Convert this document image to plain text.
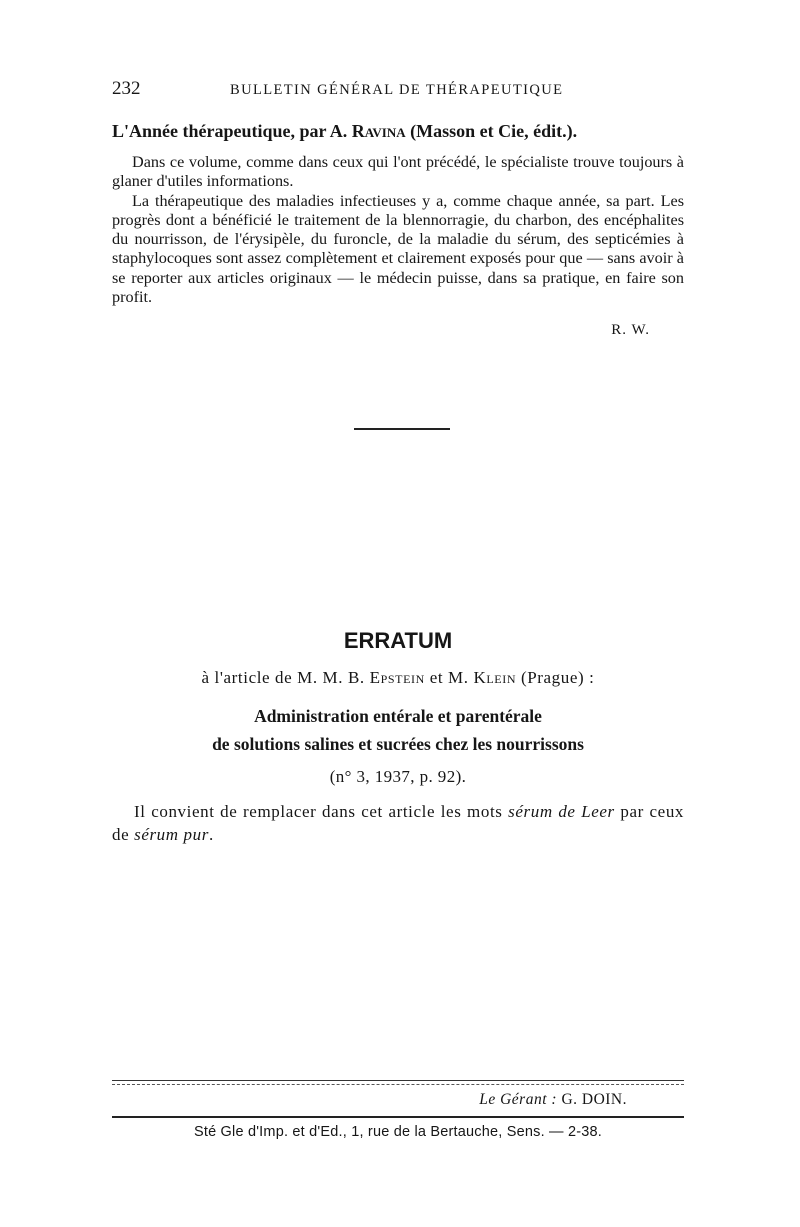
232	BULLETIN GÉNÉRAL DE THÉRAPEUTIQUE
L'Année thérapeutique, par A. Ravina (Masson et Cie, édit.).

Dans ce volume, comme dans ceux qui l'ont précédé, le spécialiste trouve toujours à glaner d'utiles informations.

La thérapeutique des maladies infectieuses y a, comme chaque année, sa part. Les progrès dont a bénéficié le traitement de la blennorragie, du charbon, des encéphalites du nourrisson, de l'érysipèle, du furoncle, de la maladie du sérum, des septicémies à staphylocoques sont assez complètement et clairement exposés pour que — sans avoir à se reporter aux articles originaux — le médecin puisse, dans sa pratique, en faire son profit.

R. W.
ERRATUM

à l'article de M. M. B. Epstein et M. Klein (Prague) :

Administration entérale et parentérale
de solutions salines et sucrées chez les nourrissons

(n° 3, 1937, p. 92).

Il convient de remplacer dans cet article les mots sérum de Leer par ceux de sérum pur.

Le Gérant : G. DOIN.
Sté Gle d'Imp. et d'Ed., 1, rue de la Bertauche, Sens. — 2-38.
